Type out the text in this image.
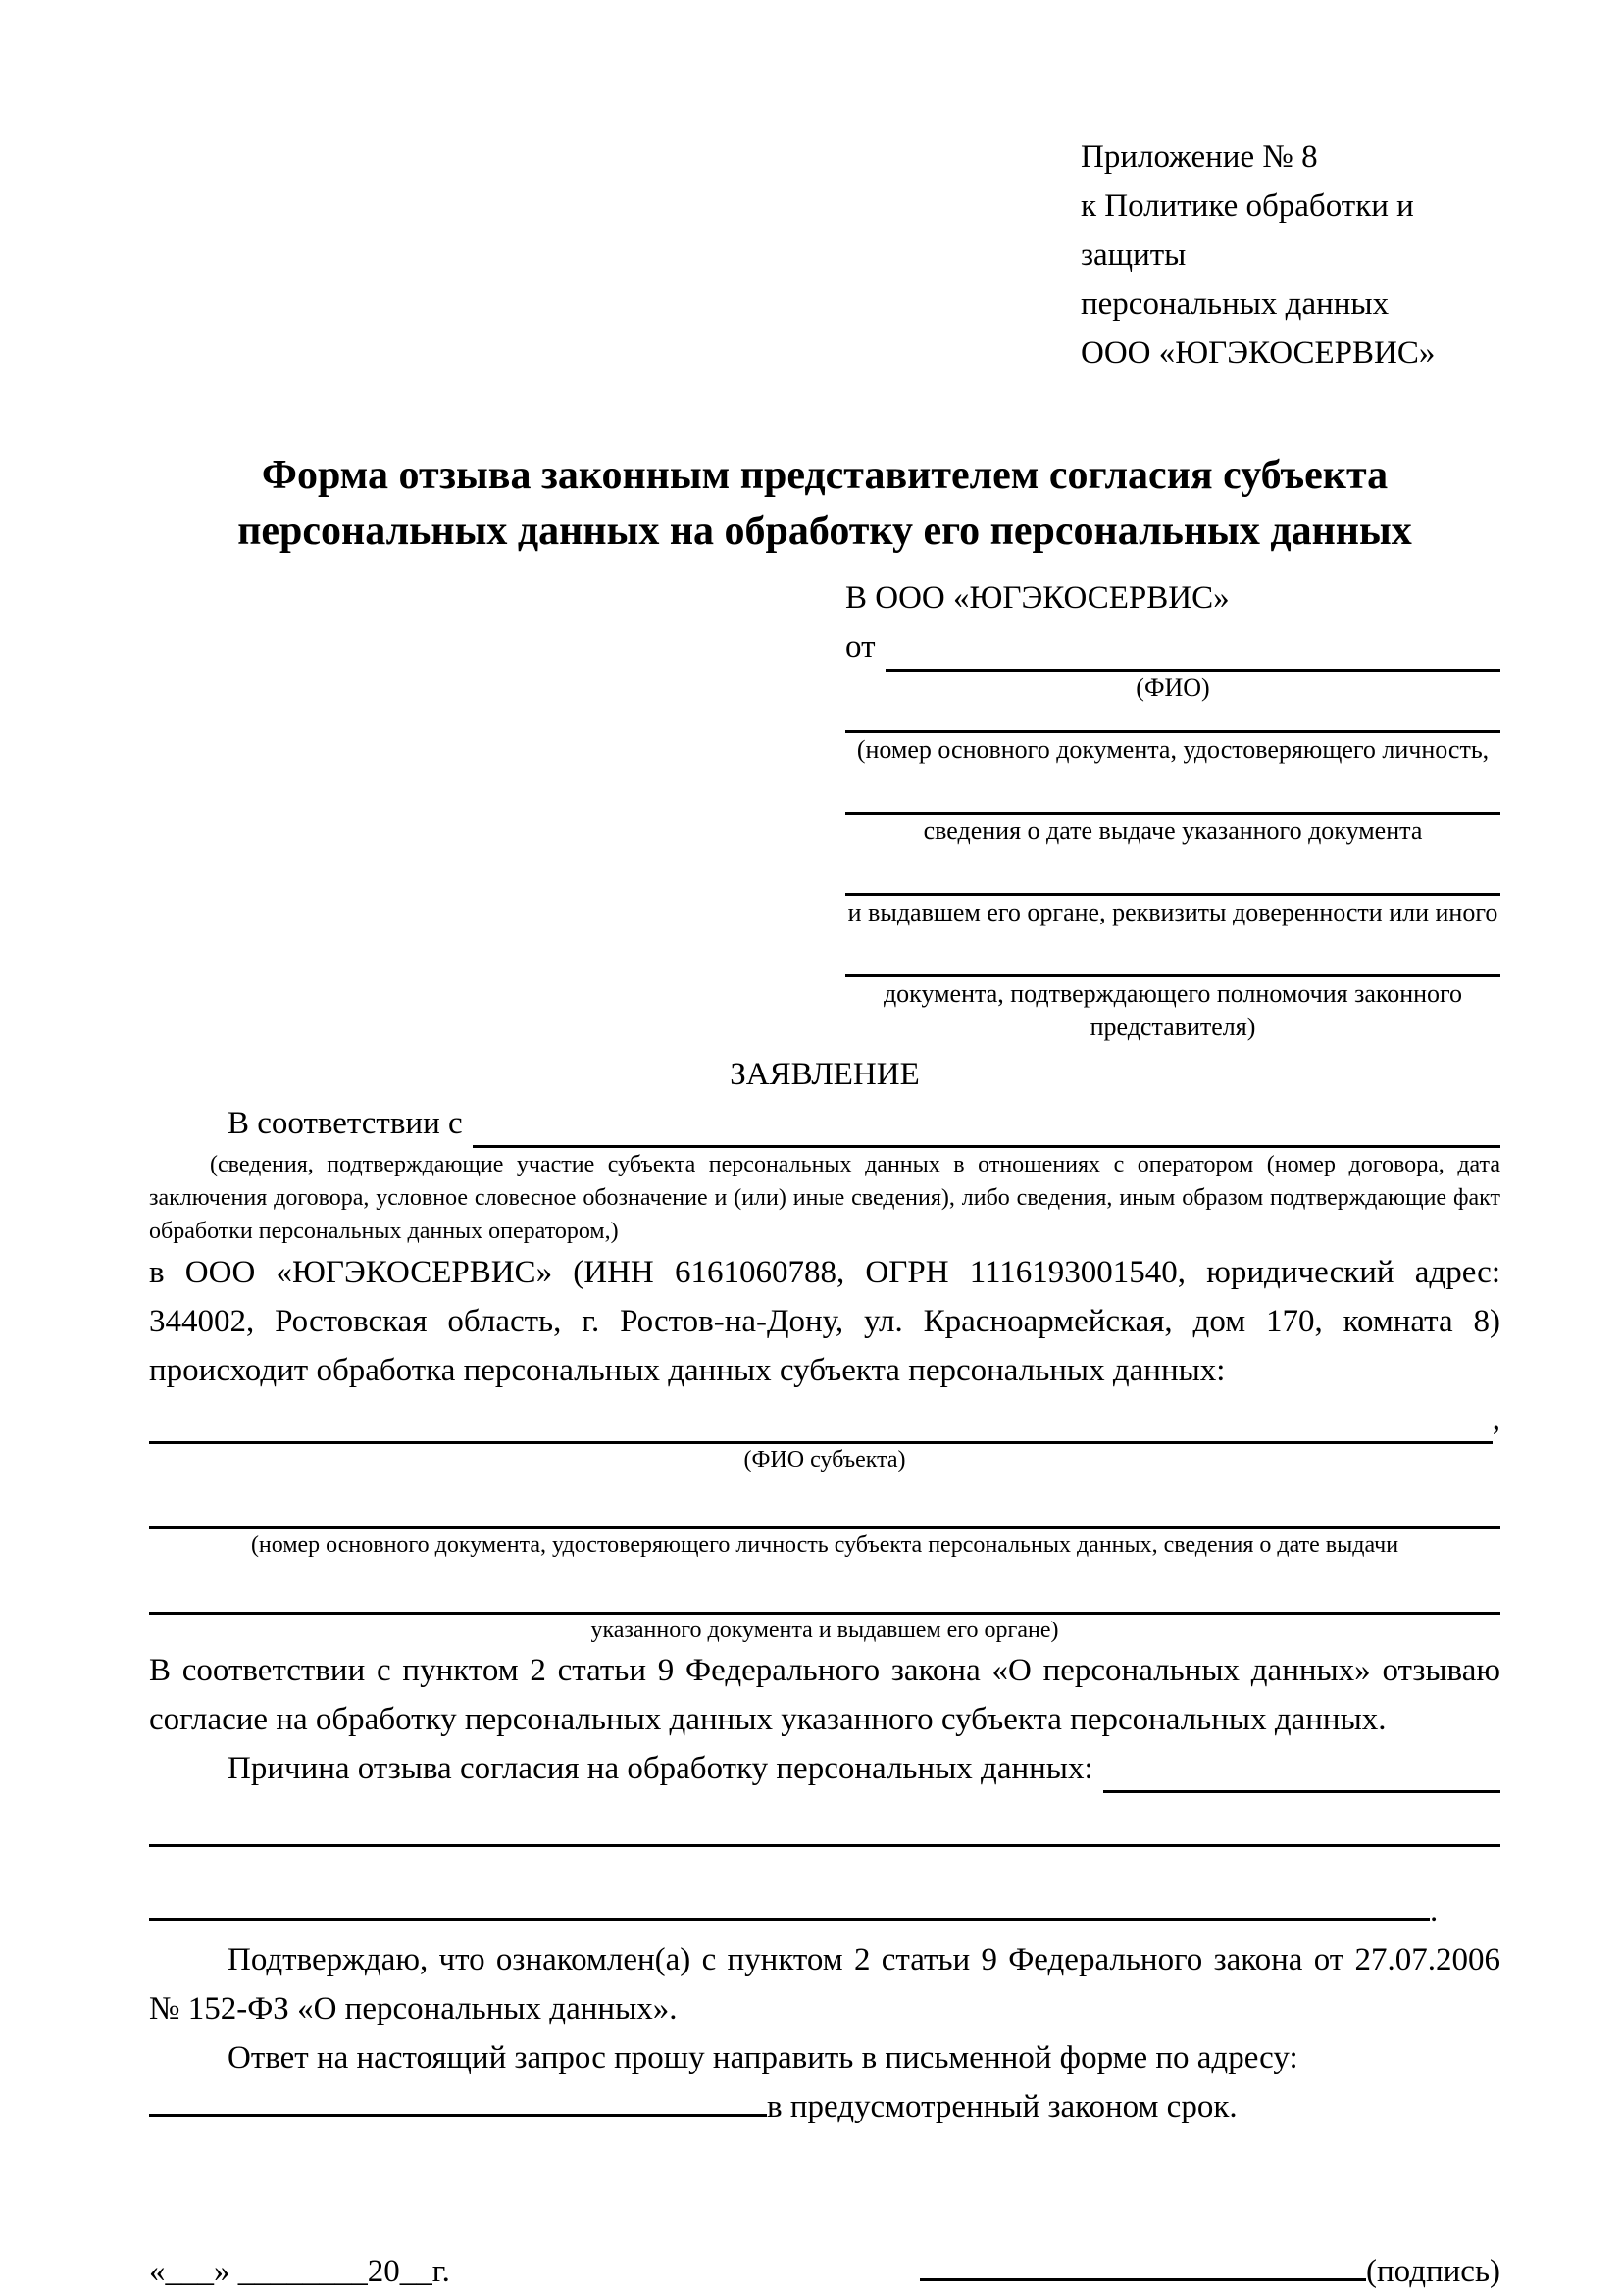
Приложение № 8
к Политике обработки и защиты
персональных данных
ООО «ЮГЭКОСЕРВИС»
Форма отзыва законным представителем согласия субъекта
персональных данных на обработку его персональных данных
В ООО «ЮГЭКОСЕРВИС»
от
(ФИО)
(номер основного документа, удостоверяющего личность,
сведения о дате выдаче указанного документа
и выдавшем его органе, реквизиты доверенности или иного
документа, подтверждающего полномочия законного представителя)
ЗАЯВЛЕНИЕ
В соответствии с
(сведения, подтверждающие участие субъекта персональных данных в отношениях с оператором (номер договора, дата заключения договора, условное словесное обозначение и (или) иные сведения), либо сведения, иным образом подтверждающие факт обработки персональных данных оператором,)

в ООО «ЮГЭКОСЕРВИС» (ИНН 6161060788, ОГРН 1116193001540, юридический адрес: 344002, Ростовская область, г. Ростов-на-Дону, ул. Красноармейская, дом 170, комната 8) происходит обработка персональных данных субъекта персональных данных:

,
(ФИО субъекта)
(номер основного документа, удостоверяющего личность субъекта персональных данных, сведения о дате выдачи
указанного документа и выдавшем его органе)

В соответствии с пунктом 2 статьи 9 Федерального закона «О персональных данных» отзываю согласие на обработку персональных данных указанного субъекта персональных данных.

Причина отзыва согласия на обработку персональных данных:
.

Подтверждаю, что ознакомлен(а) с пунктом 2 статьи 9 Федерального закона от 27.07.2006 № 152-ФЗ «О персональных данных».

Ответ на настоящий запрос прошу направить в письменной форме по адресу:

в предусмотренный законом срок.
«___» ________20__г.	(подпись)
